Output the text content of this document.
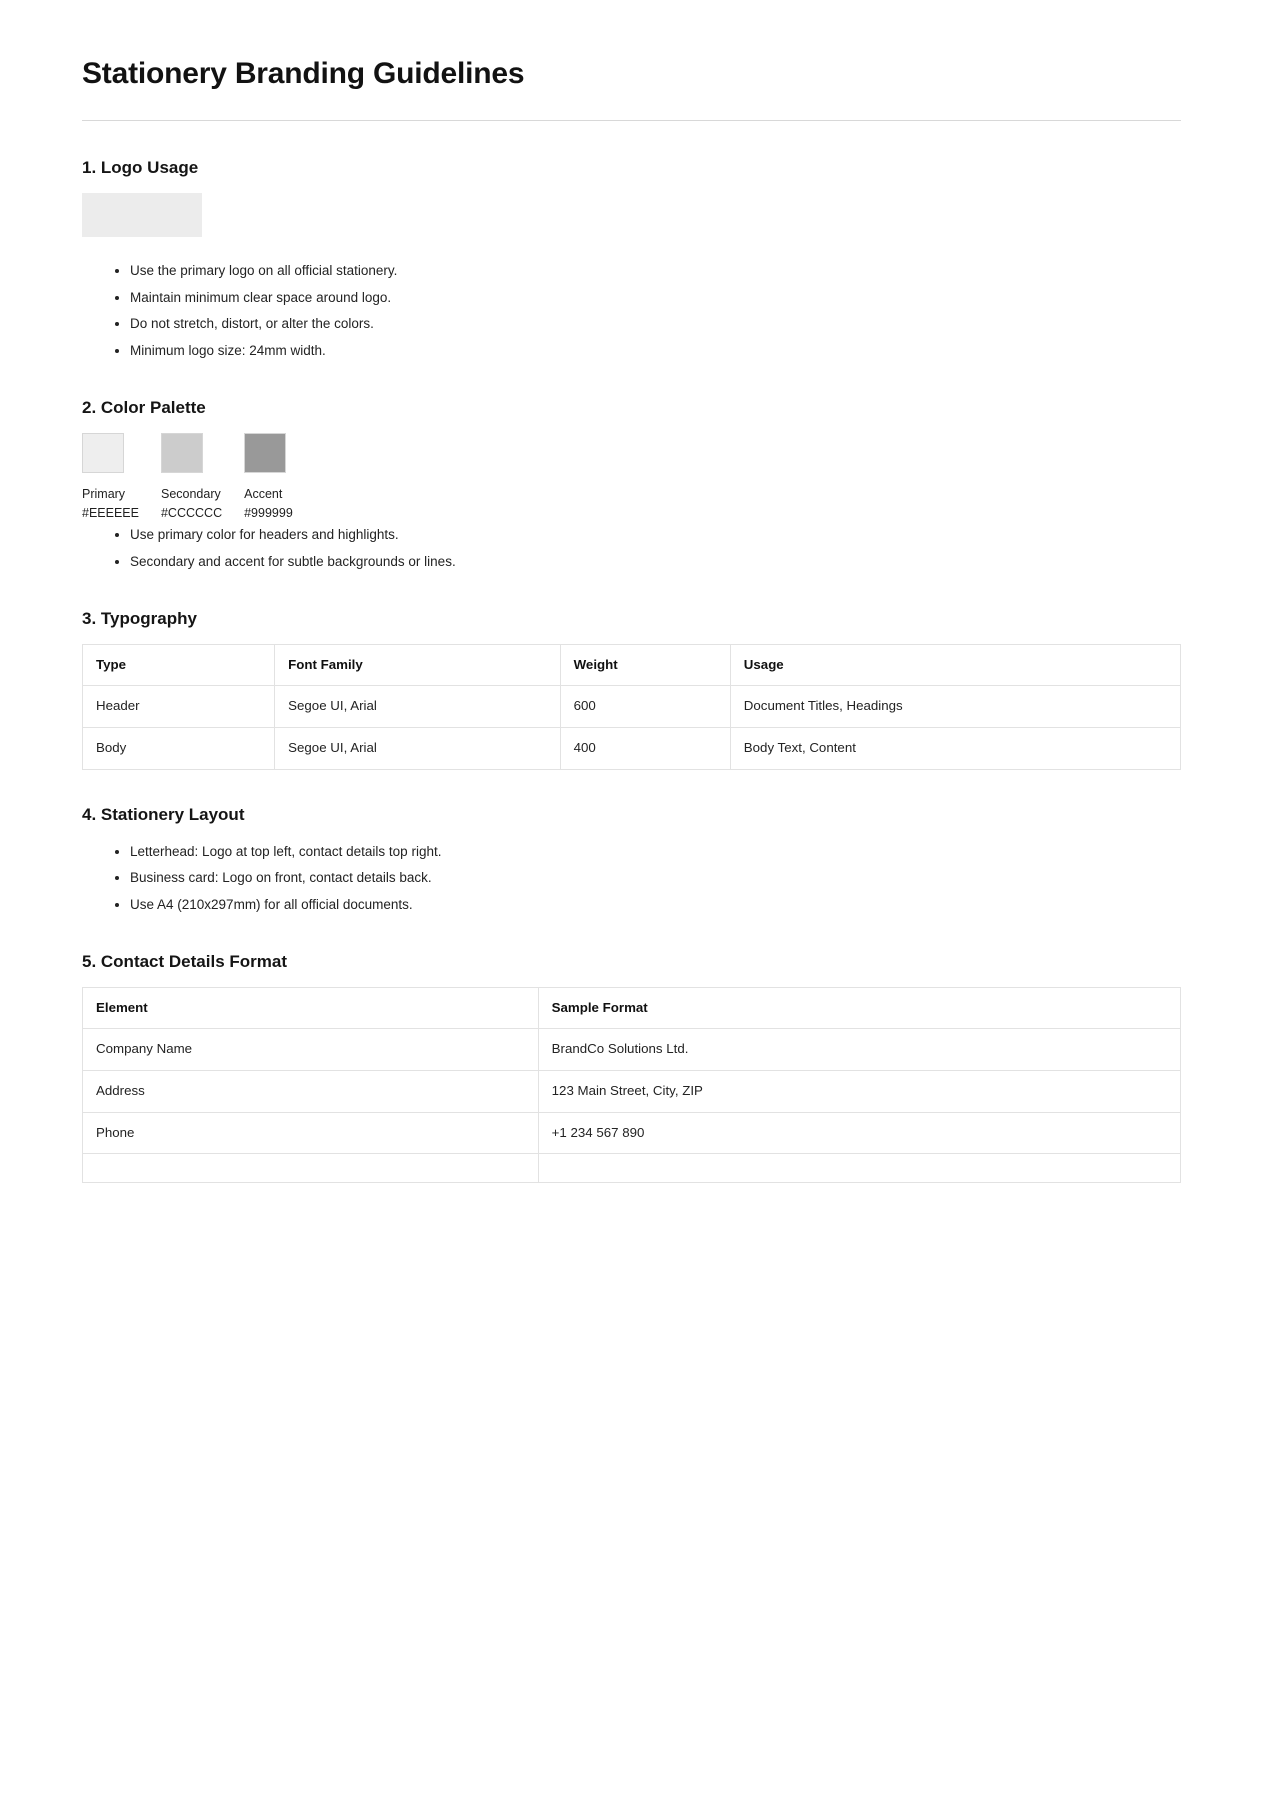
Stationery Branding Guidelines
1. Logo Usage
• Use the primary logo on all official stationery.
• Maintain minimum clear space around logo.
• Do not stretch, distort, or alter the colors.
• Minimum logo size: 24mm width.
2. Color Palette
Primary
#EEEEEE
Secondary
#CCCCCC
Accent
#999999
• Use primary color for headers and highlights.
• Secondary and accent for subtle backgrounds or lines.
3. Typography
Type	Font Family	Weight	Usage
Header	Segoe UI, Arial	600	Document Titles, Headings
Body	Segoe UI, Arial	400	Body Text, Content
4. Stationery Layout
• Letterhead: Logo at top left, contact details top right.
• Business card: Logo on front, contact details back.
• Use A4 (210x297mm) for all official documents.
5. Contact Details Format
Element	Sample Format
Company Name	BrandCo Solutions Ltd.
Address	123 Main Street, City, ZIP
Phone	+1 234 567 890
